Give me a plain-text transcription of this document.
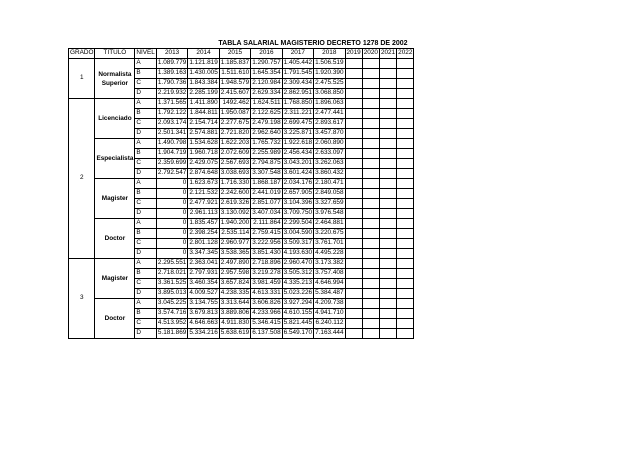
TABLA SALARIAL MAGISTERIO DECRETO 1278 DE 2002
GRADO	TITULO	NIVEL	2013	2014	2015	2016	2017	2018	2019	2020	2021	2022
1	Normalista Superior	A	1.089.779	1.121.819	1.185.837	1.290.757	1.405.442	1.506.519				
		B	1.389.163	1.430.005	1.511.610	1.645.354	1.791.545	1.920.390				
		C	1.790.736	1.843.384	1.948.579	2.120.984	2.309.434	2.475.525				
		D	2.219.932	2.285.199	2.415.607	2.629.334	2.862.951	3.068.850				
2	Licenciado	A	1.371.565	1.411.890	1492.462	1.624.511	1.768.850	1.896.063				
		B	1.792.122	1.844.811	1.950.087	2.122.625	2.311.221	2.477.441				
		C	2.093.174	2.154.714	2.277.675	2.479.198	2.699.475	2.893.617				
		D	2.501.341	2.574.881	2.721.820	2.962.640	3.225.871	3.457.870				
	Especialista	A	1.490.798	1.534.628	1.622.203	1.765.732	1.922.618	2.060.890				
		B	1.904.719	1.960.718	2.072.609	2.255.989	2.456.434	2.633.097				
		C	2.359.699	2.429.075	2.567.693	2.794.875	3.043.201	3.262.063				
		D	2.792.547	2.874.648	3.038.693	3.307.548	3.601.424	3.860.432				
	Magister	A	0	1.623.673	1.716.330	1.868.187	2.034.176	2.180.471				
		B	0	2.121.532	2.242.600	2.441.019	2.657.905	2.849.058				
		C	0	2.477.921	2.619.326	2.851.077	3.104.396	3.327.659				
		D	0	2.961.113	3.130.092	3.407.034	3.709.750	3.976.548				
	Doctor	A	0	1.835.457	1.940.200	2.111.864	2.299.504	2.464.881				
		B	0	2.398.254	2.535.114	2.759.415	3.004.590	3.220.675				
		C	0	2.801.128	2.960.977	3.222.956	3.509.317	3.761.701				
		D	0	3.347.345	3.538.365	3.851.430	4.193.630	4.495.228				
3	Magister	A	2.295.551	2.363.041	2.497.890	2.718.896	2.960.470	3.173.382				
		B	2.718.021	2.797.931	2.957.598	3.219.278	3.505.312	3.757.408				
		C	3.361.525	3.460.354	3.657.824	3.981.459	4.335.213	4.646.994				
		D	3.895.013	4.009.527	4.238.335	4.613.331	5.023.226	5.384.487				
	Doctor	A	3.045.225	3.134.755	3.313.644	3.606.826	3.927.294	4.209.738				
		B	3.574.716	3.679.813	3.889.806	4.233.966	4.610.155	4.941.710				
		C	4.513.952	4.646.663	4.911.830	5.346.415	5.821.445	6.240.112				
		D	5.181.869	5.334.216	5.638.619	6.137.508	6.549.170	7.163.444				
